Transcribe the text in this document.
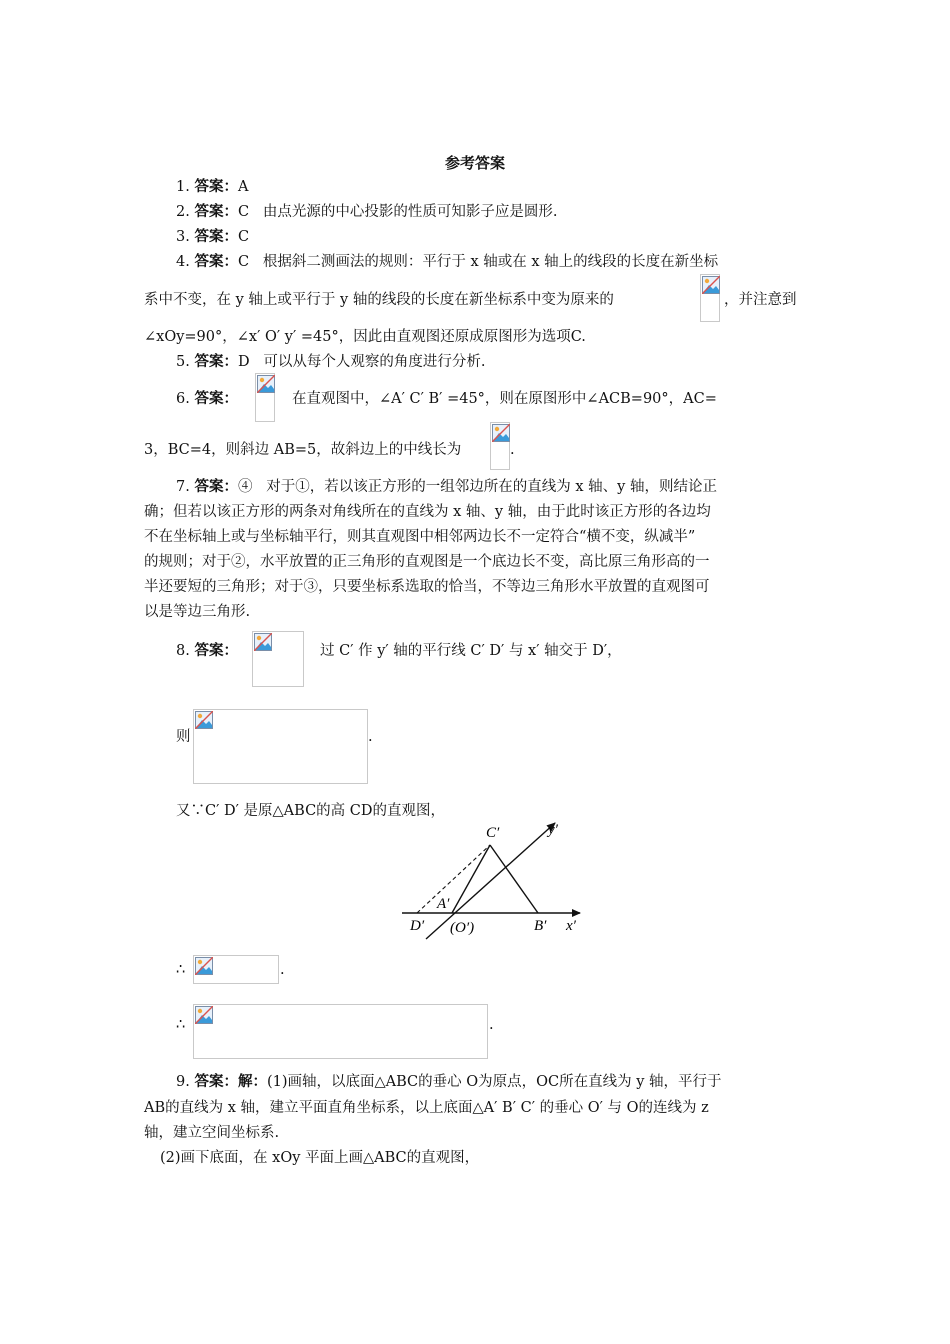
参考答案
1. 答案：A
2. 答案：C 由点光源的中心投影的性质可知影子应是圆形.
3. 答案：C
4. 答案：C 根据斜二测画法的规则：平行于 x 轴或在 x 轴上的线段的长度在新坐标
系中不变，在 y 轴上或平行于 y 轴的线段的长度在新坐标系中变为原来的	，并注意到
∠xOy=90°，∠x′ O′ y′ =45°，因此由直观图还原成原图形为选项C.
5. 答案：D 可以从每个人观察的角度进行分析.
6. 答案：	在直观图中，∠A′ C′ B′ =45°，则在原图形中∠ACB=90°，AC=
3，BC=4，则斜边 AB=5，故斜边上的中线长为	.
7. 答案：④ 对于①，若以该正方形的一组邻边所在的直线为 x 轴、y 轴，则结论正
确；但若以该正方形的两条对角线所在的直线为 x 轴、y 轴，由于此时该正方形的各边均
不在坐标轴上或与坐标轴平行，则其直观图中相邻两边长不一定符合“横不变，纵减半”
的规则；对于②，水平放置的正三角形的直观图是一个底边长不变，高比原三角形高的一
半还要短的三角形；对于③，只要坐标系选取的恰当，不等边三角形水平放置的直观图可
以是等边三角形.
8. 答案：	过 C′ 作 y′ 轴的平行线 C′ D′ 与 x′ 轴交于 D′，
则	.
又∵C′ D′ 是原△ABC的高 CD的直观图，
C′	y′
A′
D′ (O′)	B′ x′
∴	.
∴	.
9. 答案：解：(1)画轴，以底面△ABC的垂心 O为原点，OC所在直线为 y 轴，平行于
AB的直线为 x 轴，建立平面直角坐标系，以上底面△A′ B′ C′ 的垂心 O′ 与 O的连线为 z
轴，建立空间坐标系.
(2)画下底面，在 xOy 平面上画△ABC的直观图，
